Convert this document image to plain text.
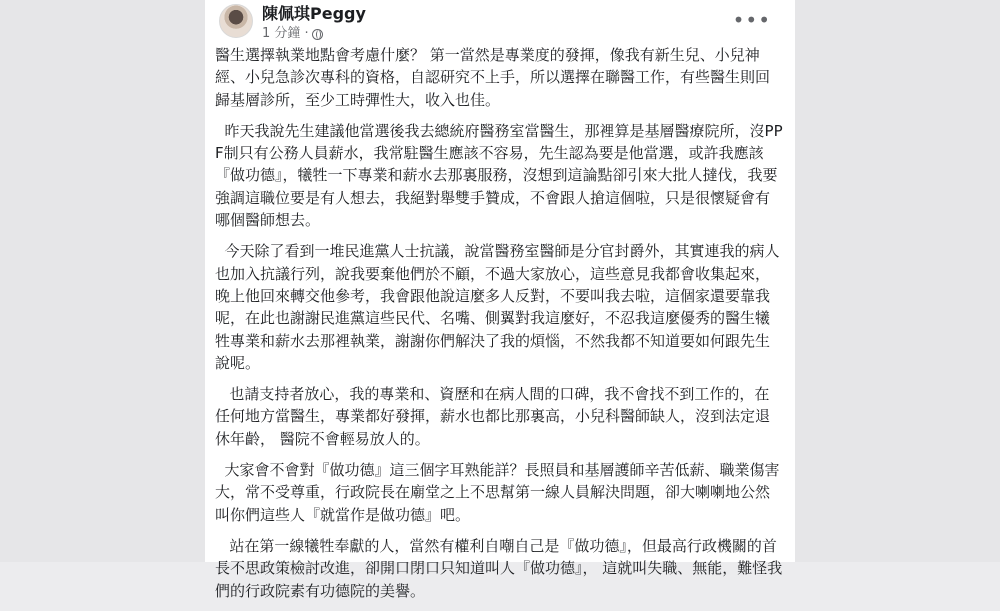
陳佩琪Peggy
1 分鐘 ·
•••

醫生選擇執業地點會考慮什麼？ 第一當然是專業度的發揮，像我有新生兒、小兒神經、小兒急診次專科的資格，自認研究不上手，所以選擇在聯醫工作，有些醫生則回歸基層診所，至少工時彈性大，收入也佳。

昨天我說先生建議他當選後我去總統府醫務室當醫生，那裡算是基層醫療院所，沒PPF制只有公務人員薪水，我常駐醫生應該不容易，先生認為要是他當選，或許我應該『做功德』，犧牲一下專業和薪水去那裏服務，沒想到這論點卻引來大批人撻伐，我要強調這職位要是有人想去，我絕對舉雙手贊成，不會跟人搶這個啦，只是很懷疑會有哪個醫師想去。

今天除了看到一堆民進黨人士抗議，說當醫務室醫師是分官封爵外，其實連我的病人也加入抗議行列，說我要棄他們於不顧，不過大家放心，這些意見我都會收集起來，晚上他回來轉交他參考，我會跟他說這麼多人反對，不要叫我去啦，這個家還要靠我呢，在此也謝謝民進黨這些民代、名嘴、側翼對我這麼好，不忍我這麼優秀的醫生犧牲專業和薪水去那裡執業，謝謝你們解決了我的煩惱，不然我都不知道要如何跟先生說呢。

也請支持者放心，我的專業和、資歷和在病人間的口碑，我不會找不到工作的，在任何地方當醫生，專業都好發揮，薪水也都比那裏高，小兒科醫師缺人，沒到法定退休年齡， 醫院不會輕易放人的。

大家會不會對『做功德』這三個字耳熟能詳？長照員和基層護師辛苦低薪、職業傷害大，常不受尊重，行政院長在廟堂之上不思幫第一線人員解決問題，卻大喇喇地公然叫你們這些人『就當作是做功德』吧。

站在第一線犧牲奉獻的人，當然有權利自嘲自己是『做功德』，但最高行政機關的首長不思政策檢討改進，卻開口閉口只知道叫人『做功德』， 這就叫失職、無能，難怪我們的行政院素有功德院的美譽。
